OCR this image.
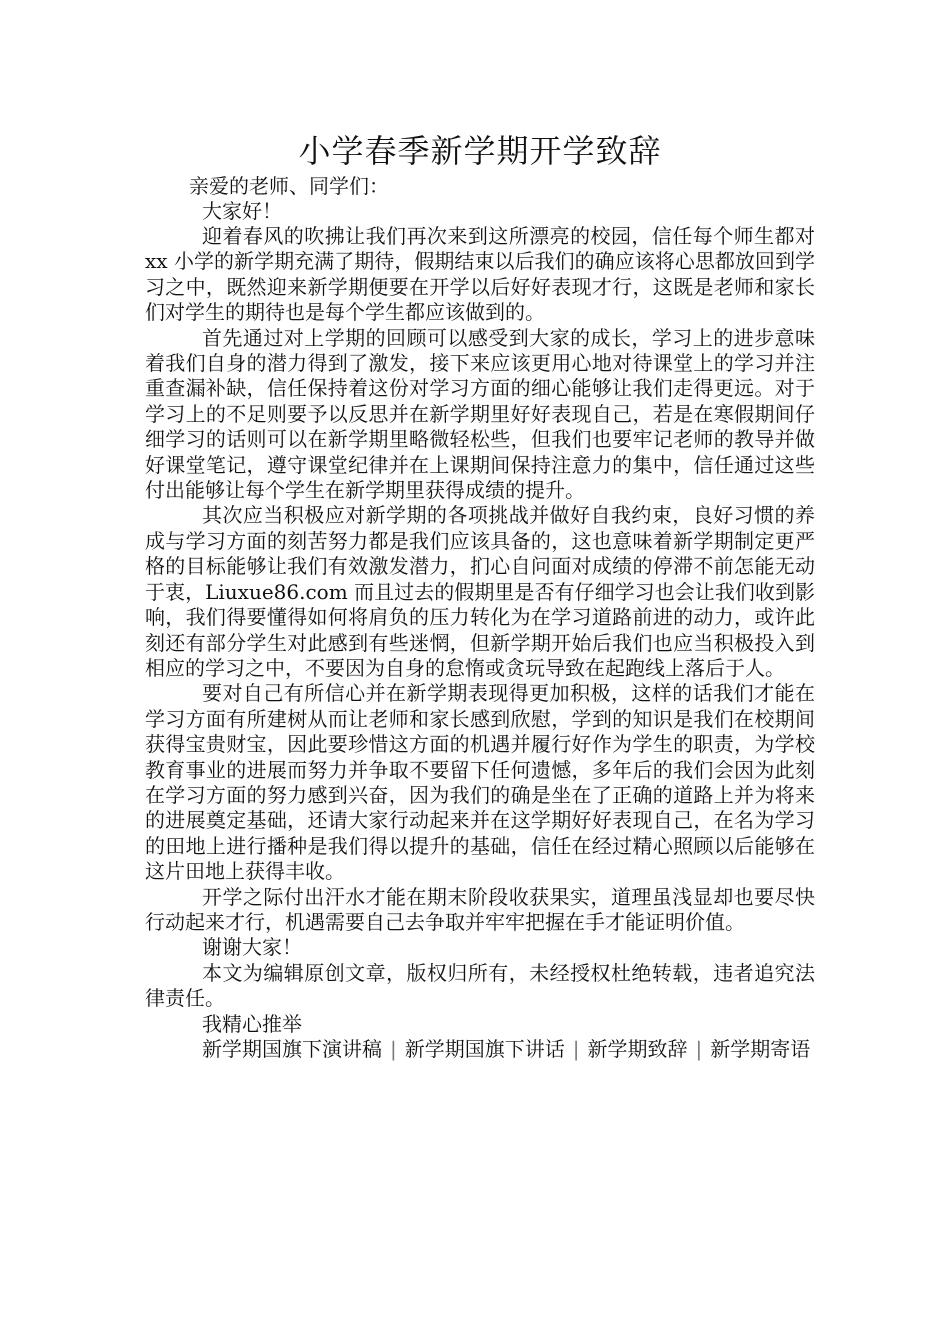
小学春季新学期开学致辞

亲爱的老师、同学们：

大家好！

迎着春风的吹拂让我们再次来到这所漂亮的校园，信任每个师生都对 xx 小学的新学期充满了期待，假期结束以后我们的确应该将心思都放回到学习之中，既然迎来新学期便要在开学以后好好表现才行，这既是老师和家长们对学生的期待也是每个学生都应该做到的。

首先通过对上学期的回顾可以感受到大家的成长，学习上的进步意味着我们自身的潜力得到了激发，接下来应该更用心地对待课堂上的学习并注重查漏补缺，信任保持着这份对学习方面的细心能够让我们走得更远。对于学习上的不足则要予以反思并在新学期里好好表现自己，若是在寒假期间仔细学习的话则可以在新学期里略微轻松些，但我们也要牢记老师的教导并做好课堂笔记，遵守课堂纪律并在上课期间保持注意力的集中，信任通过这些付出能够让每个学生在新学期里获得成绩的提升。

其次应当积极应对新学期的各项挑战并做好自我约束，良好习惯的养成与学习方面的刻苦努力都是我们应该具备的，这也意味着新学期制定更严格的目标能够让我们有效激发潜力，扪心自问面对成绩的停滞不前怎能无动于衷，Liuxue86.com 而且过去的假期里是否有仔细学习也会让我们收到影响，我们得要懂得如何将肩负的压力转化为在学习道路前进的动力，或许此刻还有部分学生对此感到有些迷惘，但新学期开始后我们也应当积极投入到相应的学习之中，不要因为自身的怠惰或贪玩导致在起跑线上落后于人。

要对自己有所信心并在新学期表现得更加积极，这样的话我们才能在学习方面有所建树从而让老师和家长感到欣慰，学到的知识是我们在校期间获得宝贵财宝，因此要珍惜这方面的机遇并履行好作为学生的职责，为学校教育事业的进展而努力并争取不要留下任何遗憾，多年后的我们会因为此刻在学习方面的努力感到兴奋，因为我们的确是坐在了正确的道路上并为将来的进展奠定基础，还请大家行动起来并在这学期好好表现自己，在名为学习的田地上进行播种是我们得以提升的基础，信任在经过精心照顾以后能够在这片田地上获得丰收。

开学之际付出汗水才能在期末阶段收获果实，道理虽浅显却也要尽快行动起来才行，机遇需要自己去争取并牢牢把握在手才能证明价值。

谢谢大家！

本文为编辑原创文章，版权归所有，未经授权杜绝转载，违者追究法律责任。

我精心推举

新学期国旗下演讲稿 | 新学期国旗下讲话 | 新学期致辞 | 新学期寄语
